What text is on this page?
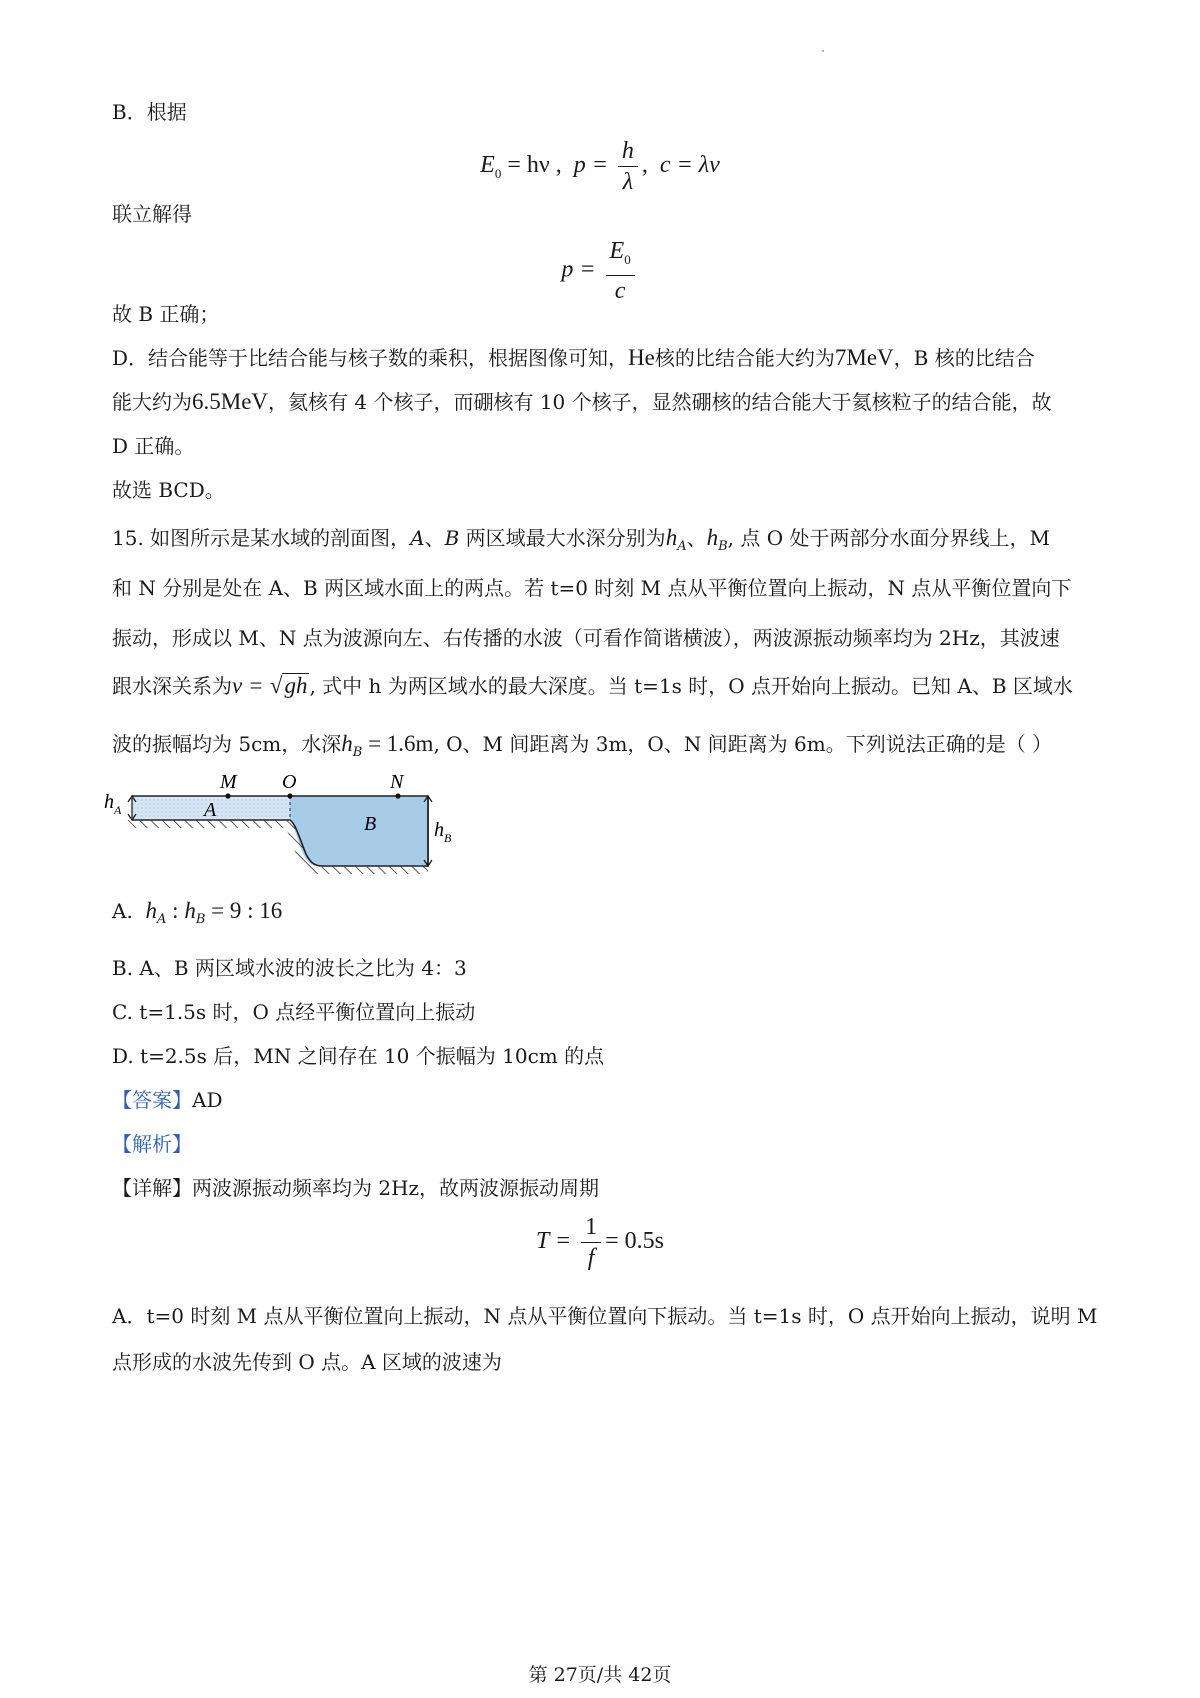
B．根据
$E_0 = h\nu$ , $p = \frac{h}{\lambda}$ , c = λν
联立解得
$p = \frac{E_0}{c}$
故 B 正确；
D．结合能等于比结合能与核子数的乘积，根据图像可知，He核的比结合能大约为7MeV，B 核的比结合
能大约为6.5MeV，氦核有 4 个核子，而硼核有 10 个核子，显然硼核的结合能大于氦核粒子的结合能，故
D 正确。
故选 BCD。
15. 如图所示是某水域的剖面图，A、B 两区域最大水深分别为$h_A$、$h_B$, 点 O 处于两部分水面分界线上，M
和 N 分别是处在 A、B 两区域水面上的两点。若 t=0 时刻 M 点从平衡位置向上振动，N 点从平衡位置向下
振动，形成以 M、N 点为波源向左、右传播的水波（可看作简谐横波），两波源振动频率均为 2Hz，其波速
跟水深关系为v = √gh , 式中 h 为两区域水的最大深度。当 t=1s 时，O 点开始向上振动。已知 A、B 区域水
波的振幅均为 5cm，水深$h_B = 1.6m$, O、M 间距离为 3m，O、N 间距离为 6m。下列说法正确的是（ ）
M O	N
A
B
$h_A$
$h_B$
A. $h_A$ : $h_B = 9$ : 16
B. A、B 两区域水波的波长之比为 4：3
C. t=1.5s 时，O 点经平衡位置向上振动
D. t=2.5s 后，MN 之间存在 10 个振幅为 10cm 的点
【答案】AD
【解析】
【详解】两波源振动频率均为 2Hz，故两波源振动周期
$T = \frac{1}{f} = 0.5s$
A．t=0 时刻 M 点从平衡位置向上振动，N 点从平衡位置向下振动。当 t=1s 时，O 点开始向上振动，说明 M
点形成的水波先传到 O 点。A 区域的波速为
第 27页/共 42页
